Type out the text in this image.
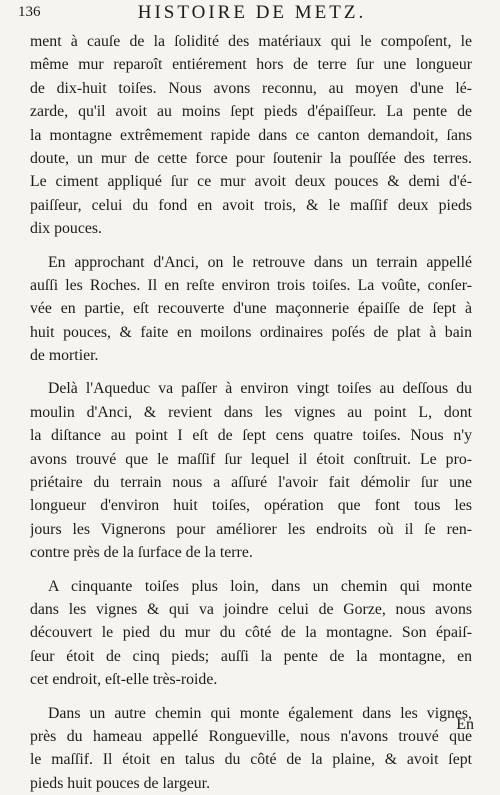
136	HISTOIRE DE METZ.
ment à cauſe de la ſolidité des matériaux qui le compoſent, le
même mur reparoît entiérement hors de terre ſur une longueur
de dix-huit toiſes. Nous avons reconnu, au moyen d'une lé-
zarde, qu'il avoit au moins ſept pieds d'épaiſſeur. La pente de
la montagne extrêmement rapide dans ce canton demandoit, ſans
doute, un mur de cette force pour ſoutenir la pouſſée des terres.
Le ciment appliqué ſur ce mur avoit deux pouces & demi d'é-
paiſſeur, celui du fond en avoit trois, & le maſſif deux pieds
dix pouces.
En approchant d'Anci, on le retrouve dans un terrain appellé
auſſi les Roches. Il en reſte environ trois toiſes. La voûte, conſer-
vée en partie, eſt recouverte d'une maçonnerie épaiſſe de ſept à
huit pouces, & faite en moilons ordinaires poſés de plat à bain
de mortier.
Delà l'Aqueduc va paſſer à environ vingt toiſes au deſſous du
moulin d'Anci, & revient dans les vignes au point L, dont
la diſtance au point I eſt de ſept cens quatre toiſes. Nous n'y
avons trouvé que le maſſif ſur lequel il étoit conſtruit. Le pro-
priétaire du terrain nous a aſſuré l'avoir fait démolir ſur une
longueur d'environ huit toiſes, opération que font tous les
jours les Vignerons pour améliorer les endroits où il ſe ren-
contre près de la ſurface de la terre.
A cinquante toiſes plus loin, dans un chemin qui monte
dans les vignes & qui va joindre celui de Gorze, nous avons
découvert le pied du mur du côté de la montagne. Son épaiſ-
ſeur étoit de cinq pieds; auſſi la pente de la montagne, en
cet endroit, eſt-elle très-roide.
Dans un autre chemin qui monte également dans les vignes,
près du hameau appellé Rongueville, nous n'avons trouvé que
le maſſif. Il étoit en talus du côté de la plaine, & avoit ſept
pieds huit pouces de largeur.
En
